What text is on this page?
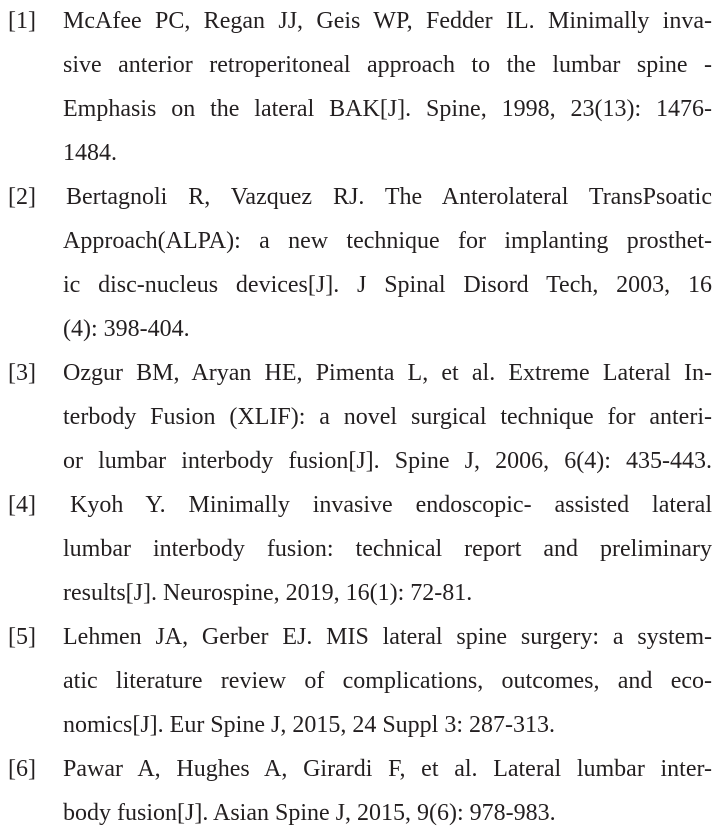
[1] McAfee PC, Regan JJ, Geis WP, Fedder IL. Minimally inva-
sive anterior retroperitoneal approach to the lumbar spine -
Emphasis on the lateral BAK[J]. Spine, 1998, 23(13): 1476-
1484.
[2] Bertagnoli R, Vazquez RJ. The Anterolateral TransPsoatic
Approach(ALPA): a new technique for implanting prosthet-
ic disc-nucleus devices[J]. J Spinal Disord Tech, 2003, 16
(4): 398-404.
[3] Ozgur BM, Aryan HE, Pimenta L, et al. Extreme Lateral In-
terbody Fusion (XLIF): a novel surgical technique for anteri-
or lumbar interbody fusion[J]. Spine J, 2006, 6(4): 435-443.
[4] Kyoh Y. Minimally invasive endoscopic- assisted lateral
lumbar interbody fusion: technical report and preliminary
results[J]. Neurospine, 2019, 16(1): 72-81.
[5] Lehmen JA, Gerber EJ. MIS lateral spine surgery: a system-
atic literature review of complications, outcomes, and eco-
nomics[J]. Eur Spine J, 2015, 24 Suppl 3: 287-313.
[6] Pawar A, Hughes A, Girardi F, et al. Lateral lumbar inter-
body fusion[J]. Asian Spine J, 2015, 9(6): 978-983.
